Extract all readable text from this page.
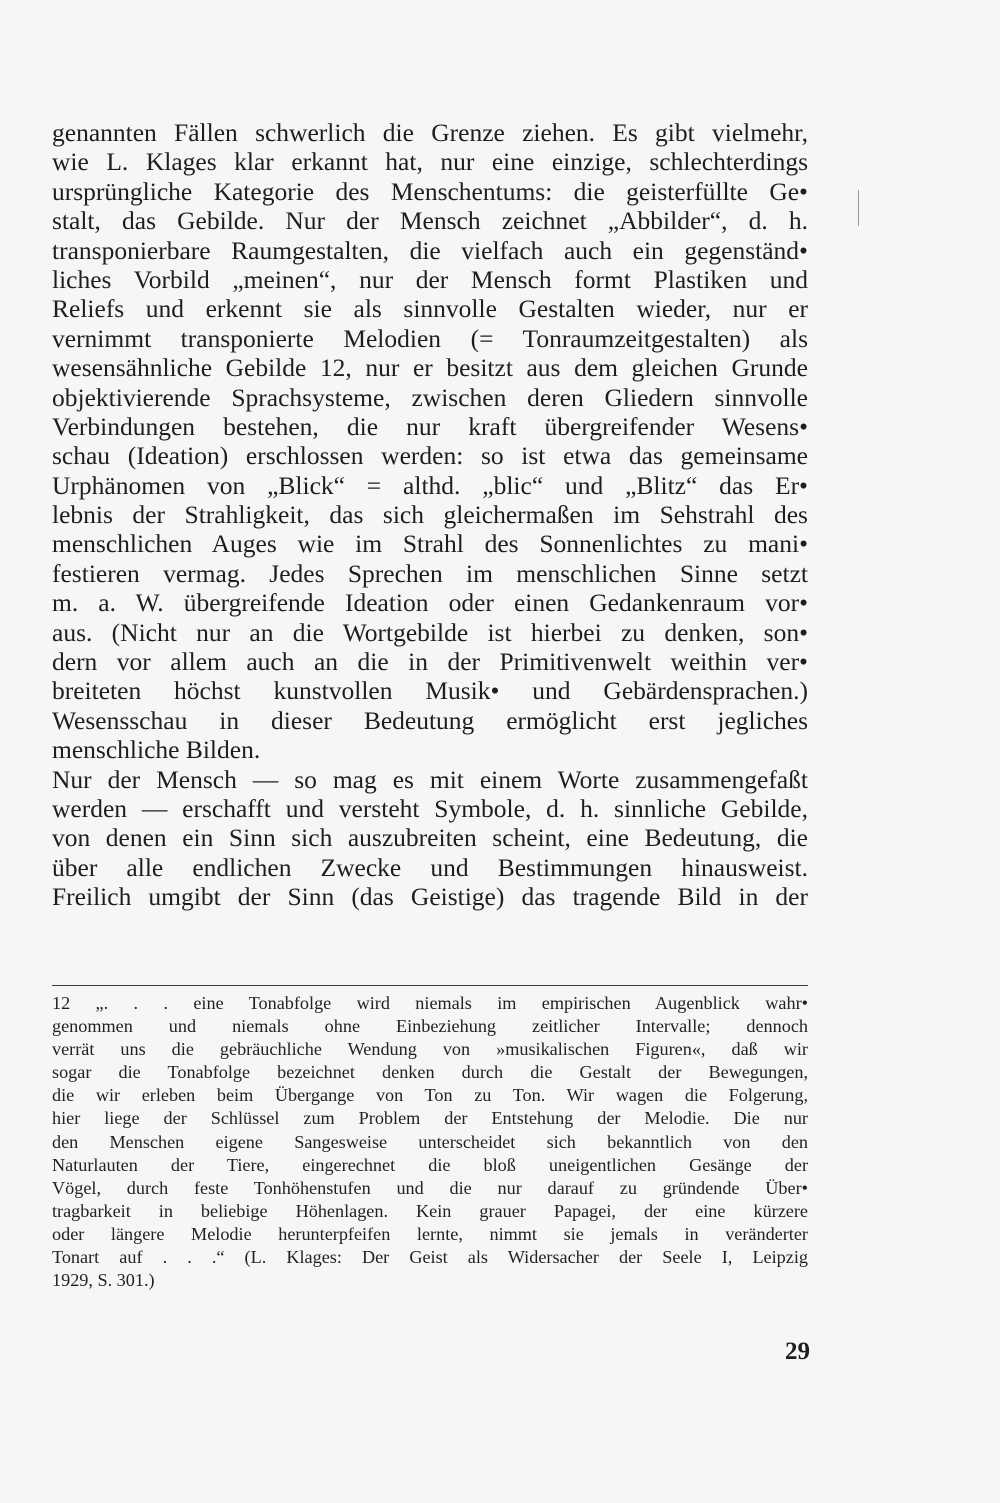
genannten Fällen schwerlich die Grenze ziehen. Es gibt vielmehr,
wie L. Klages klar erkannt hat, nur eine einzige, schlechterdings
ursprüngliche Kategorie des Menschentums: die geisterfüllte Ge•
stalt, das Gebilde. Nur der Mensch zeichnet „Abbilder“, d. h.
transponierbare Raumgestalten, die vielfach auch ein gegenständ•
liches Vorbild „meinen“, nur der Mensch formt Plastiken und
Reliefs und erkennt sie als sinnvolle Gestalten wieder, nur er
vernimmt transponierte Melodien (= Tonraumzeitgestalten) als
wesensähnliche Gebilde 12, nur er besitzt aus dem gleichen Grunde
objektivierende Sprachsysteme, zwischen deren Gliedern sinnvolle
Verbindungen bestehen, die nur kraft übergreifender Wesens•
schau (Ideation) erschlossen werden: so ist etwa das gemeinsame
Urphänomen von „Blick“ = althd. „blic“ und „Blitz“ das Er•
lebnis der Strahligkeit, das sich gleichermaßen im Sehstrahl des
menschlichen Auges wie im Strahl des Sonnenlichtes zu mani•
festieren vermag. Jedes Sprechen im menschlichen Sinne setzt
m. a. W. übergreifende Ideation oder einen Gedankenraum vor•
aus. (Nicht nur an die Wortgebilde ist hierbei zu denken, son•
dern vor allem auch an die in der Primitivenwelt weithin ver•
breiteten höchst kunstvollen Musik• und Gebärdensprachen.)
Wesensschau in dieser Bedeutung ermöglicht erst jegliches
menschliche Bilden.
Nur der Mensch — so mag es mit einem Worte zusammengefaßt
werden — erschafft und versteht Symbole, d. h. sinnliche Gebilde,
von denen ein Sinn sich auszubreiten scheint, eine Bedeutung, die
über alle endlichen Zwecke und Bestimmungen hinausweist.
Freilich umgibt der Sinn (das Geistige) das tragende Bild in der
12 „. . . eine Tonabfolge wird niemals im empirischen Augenblick wahr•
genommen und niemals ohne Einbeziehung zeitlicher Intervalle; dennoch
verrät uns die gebräuchliche Wendung von »musikalischen Figuren«, daß wir
sogar die Tonabfolge bezeichnet denken durch die Gestalt der Bewegungen,
die wir erleben beim Übergange von Ton zu Ton. Wir wagen die Folgerung,
hier liege der Schlüssel zum Problem der Entstehung der Melodie. Die nur
den Menschen eigene Sangesweise unterscheidet sich bekanntlich von den
Naturlauten der Tiere, eingerechnet die bloß uneigentlichen Gesänge der
Vögel, durch feste Tonhöhenstufen und die nur darauf zu gründende Über•
tragbarkeit in beliebige Höhenlagen. Kein grauer Papagei, der eine kürzere
oder längere Melodie herunterpfeifen lernte, nimmt sie jemals in veränderter
Tonart auf . . .“ (L. Klages: Der Geist als Widersacher der Seele I, Leipzig
1929, S. 301.)
29
